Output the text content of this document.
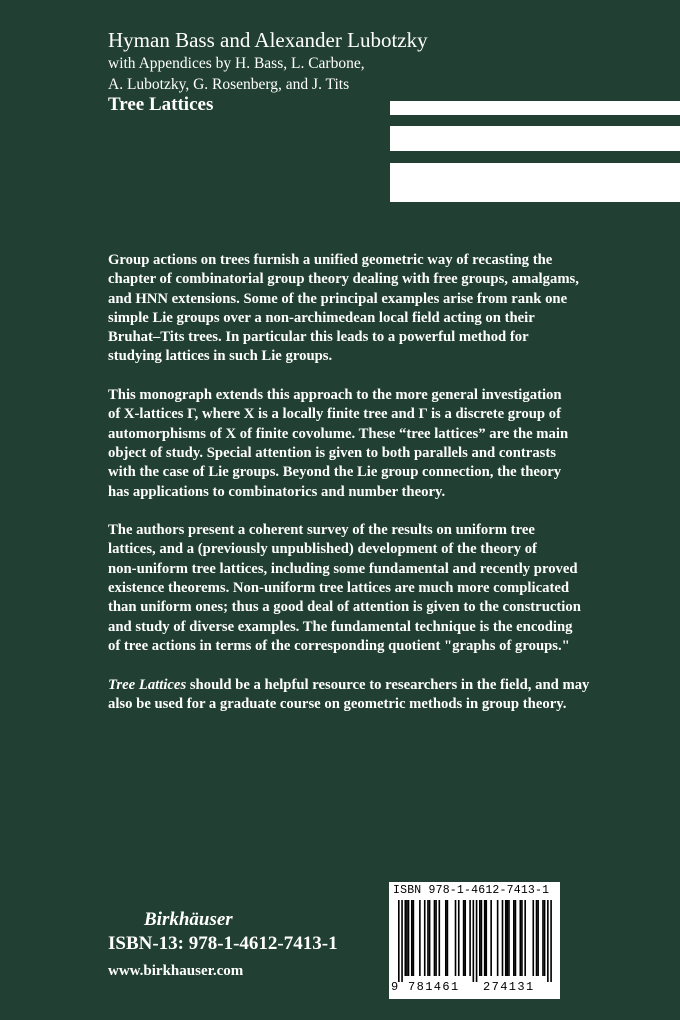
Hyman Bass and Alexander Lubotzky
with Appendices by H. Bass, L. Carbone,
A. Lubotzky, G. Rosenberg, and J. Tits
Tree Lattices

Group actions on trees furnish a unified geometric way of recasting the
chapter of combinatorial group theory dealing with free groups, amalgams,
and HNN extensions. Some of the principal examples arise from rank one
simple Lie groups over a non-archimedean local field acting on their
Bruhat–Tits trees. In particular this leads to a powerful method for
studying lattices in such Lie groups.

This monograph extends this approach to the more general investigation
of X-lattices Γ, where X is a locally finite tree and Γ is a discrete group of
automorphisms of X of finite covolume. These “tree lattices” are the main
object of study. Special attention is given to both parallels and contrasts
with the case of Lie groups. Beyond the Lie group connection, the theory
has applications to combinatorics and number theory.

The authors present a coherent survey of the results on uniform tree
lattices, and a (previously unpublished) development of the theory of
non-uniform tree lattices, including some fundamental and recently proved
existence theorems. Non-uniform tree lattices are much more complicated
than uniform ones; thus a good deal of attention is given to the construction
and study of diverse examples. The fundamental technique is the encoding
of tree actions in terms of the corresponding quotient "graphs of groups."

Tree Lattices should be a helpful resource to researchers in the field, and may
also be used for a graduate course on geometric methods in group theory.

Birkhäuser
ISBN-13: 978-1-4612-7413-1
www.birkhauser.com
ISBN 978-1-4612-7413-1
9 781461 274131
